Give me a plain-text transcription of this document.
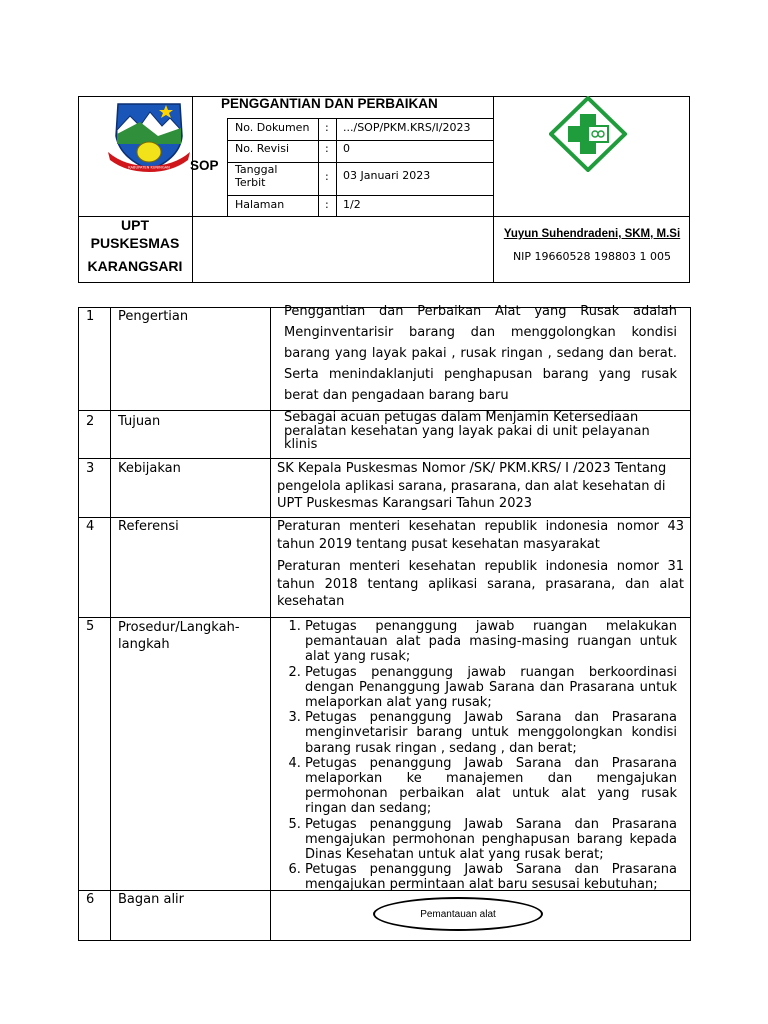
KABUPATEN KUNINGAN
PENGGANTIAN DAN PERBAIKAN
SOP
No. Dokumen : .../SOP/PKM.KRS/I/2023
No. Revisi	: 0
Tanggal Terbit	: 03 Januari 2023
Halaman	: 1/2
UPT
PUSKESMAS
KARANGSARI
Yuyun Suhendradeni, SKM, M.Si
NIP 19660528 198803 1 005
1 Pengertian	Penggantian dan Perbaikan Alat yang Rusak adalah Menginventarisir barang dan menggolongkan kondisi barang yang layak pakai , rusak ringan , sedang dan berat. Serta menindaklanjuti penghapusan barang yang rusak berat dan pengadaan barang baru
2 Tujuan	Sebagai acuan petugas dalam Menjamin Ketersediaan peralatan kesehatan yang layak pakai di unit pelayanan klinis
3 Kebijakan	SK Kepala Puskesmas Nomor /SK/ PKM.KRS/ I /2023 Tentang pengelola aplikasi sarana, prasarana, dan alat kesehatan di UPT Puskesmas Karangsari Tahun 2023
4 Referensi	Peraturan menteri kesehatan republik indonesia nomor 43 tahun 2019 tentang pusat kesehatan masyarakat
Peraturan menteri kesehatan republik indonesia nomor 31 tahun 2018 tentang aplikasi sarana, prasarana, dan alat kesehatan
5 Prosedur/Langkah-langkah
1. Petugas penanggung jawab ruangan melakukan pemantauan alat pada masing-masing ruangan untuk alat yang rusak;
2. Petugas penanggung jawab ruangan berkoordinasi dengan Penanggung Jawab Sarana dan Prasarana untuk melaporkan alat yang rusak;
3. Petugas penanggung Jawab Sarana dan Prasarana menginvetarisir barang untuk menggolongkan kondisi barang rusak ringan , sedang , dan berat;
4. Petugas penanggung Jawab Sarana dan Prasarana melaporkan ke manajemen dan mengajukan permohonan perbaikan alat untuk alat yang rusak ringan dan sedang;
5. Petugas penanggung Jawab Sarana dan Prasarana mengajukan permohonan penghapusan barang kepada Dinas Kesehatan untuk alat yang rusak berat;
6. Petugas penanggung Jawab Sarana dan Prasarana mengajukan permintaan alat baru sesusai kebutuhan;
6 Bagan alir
Pemantauan alat
